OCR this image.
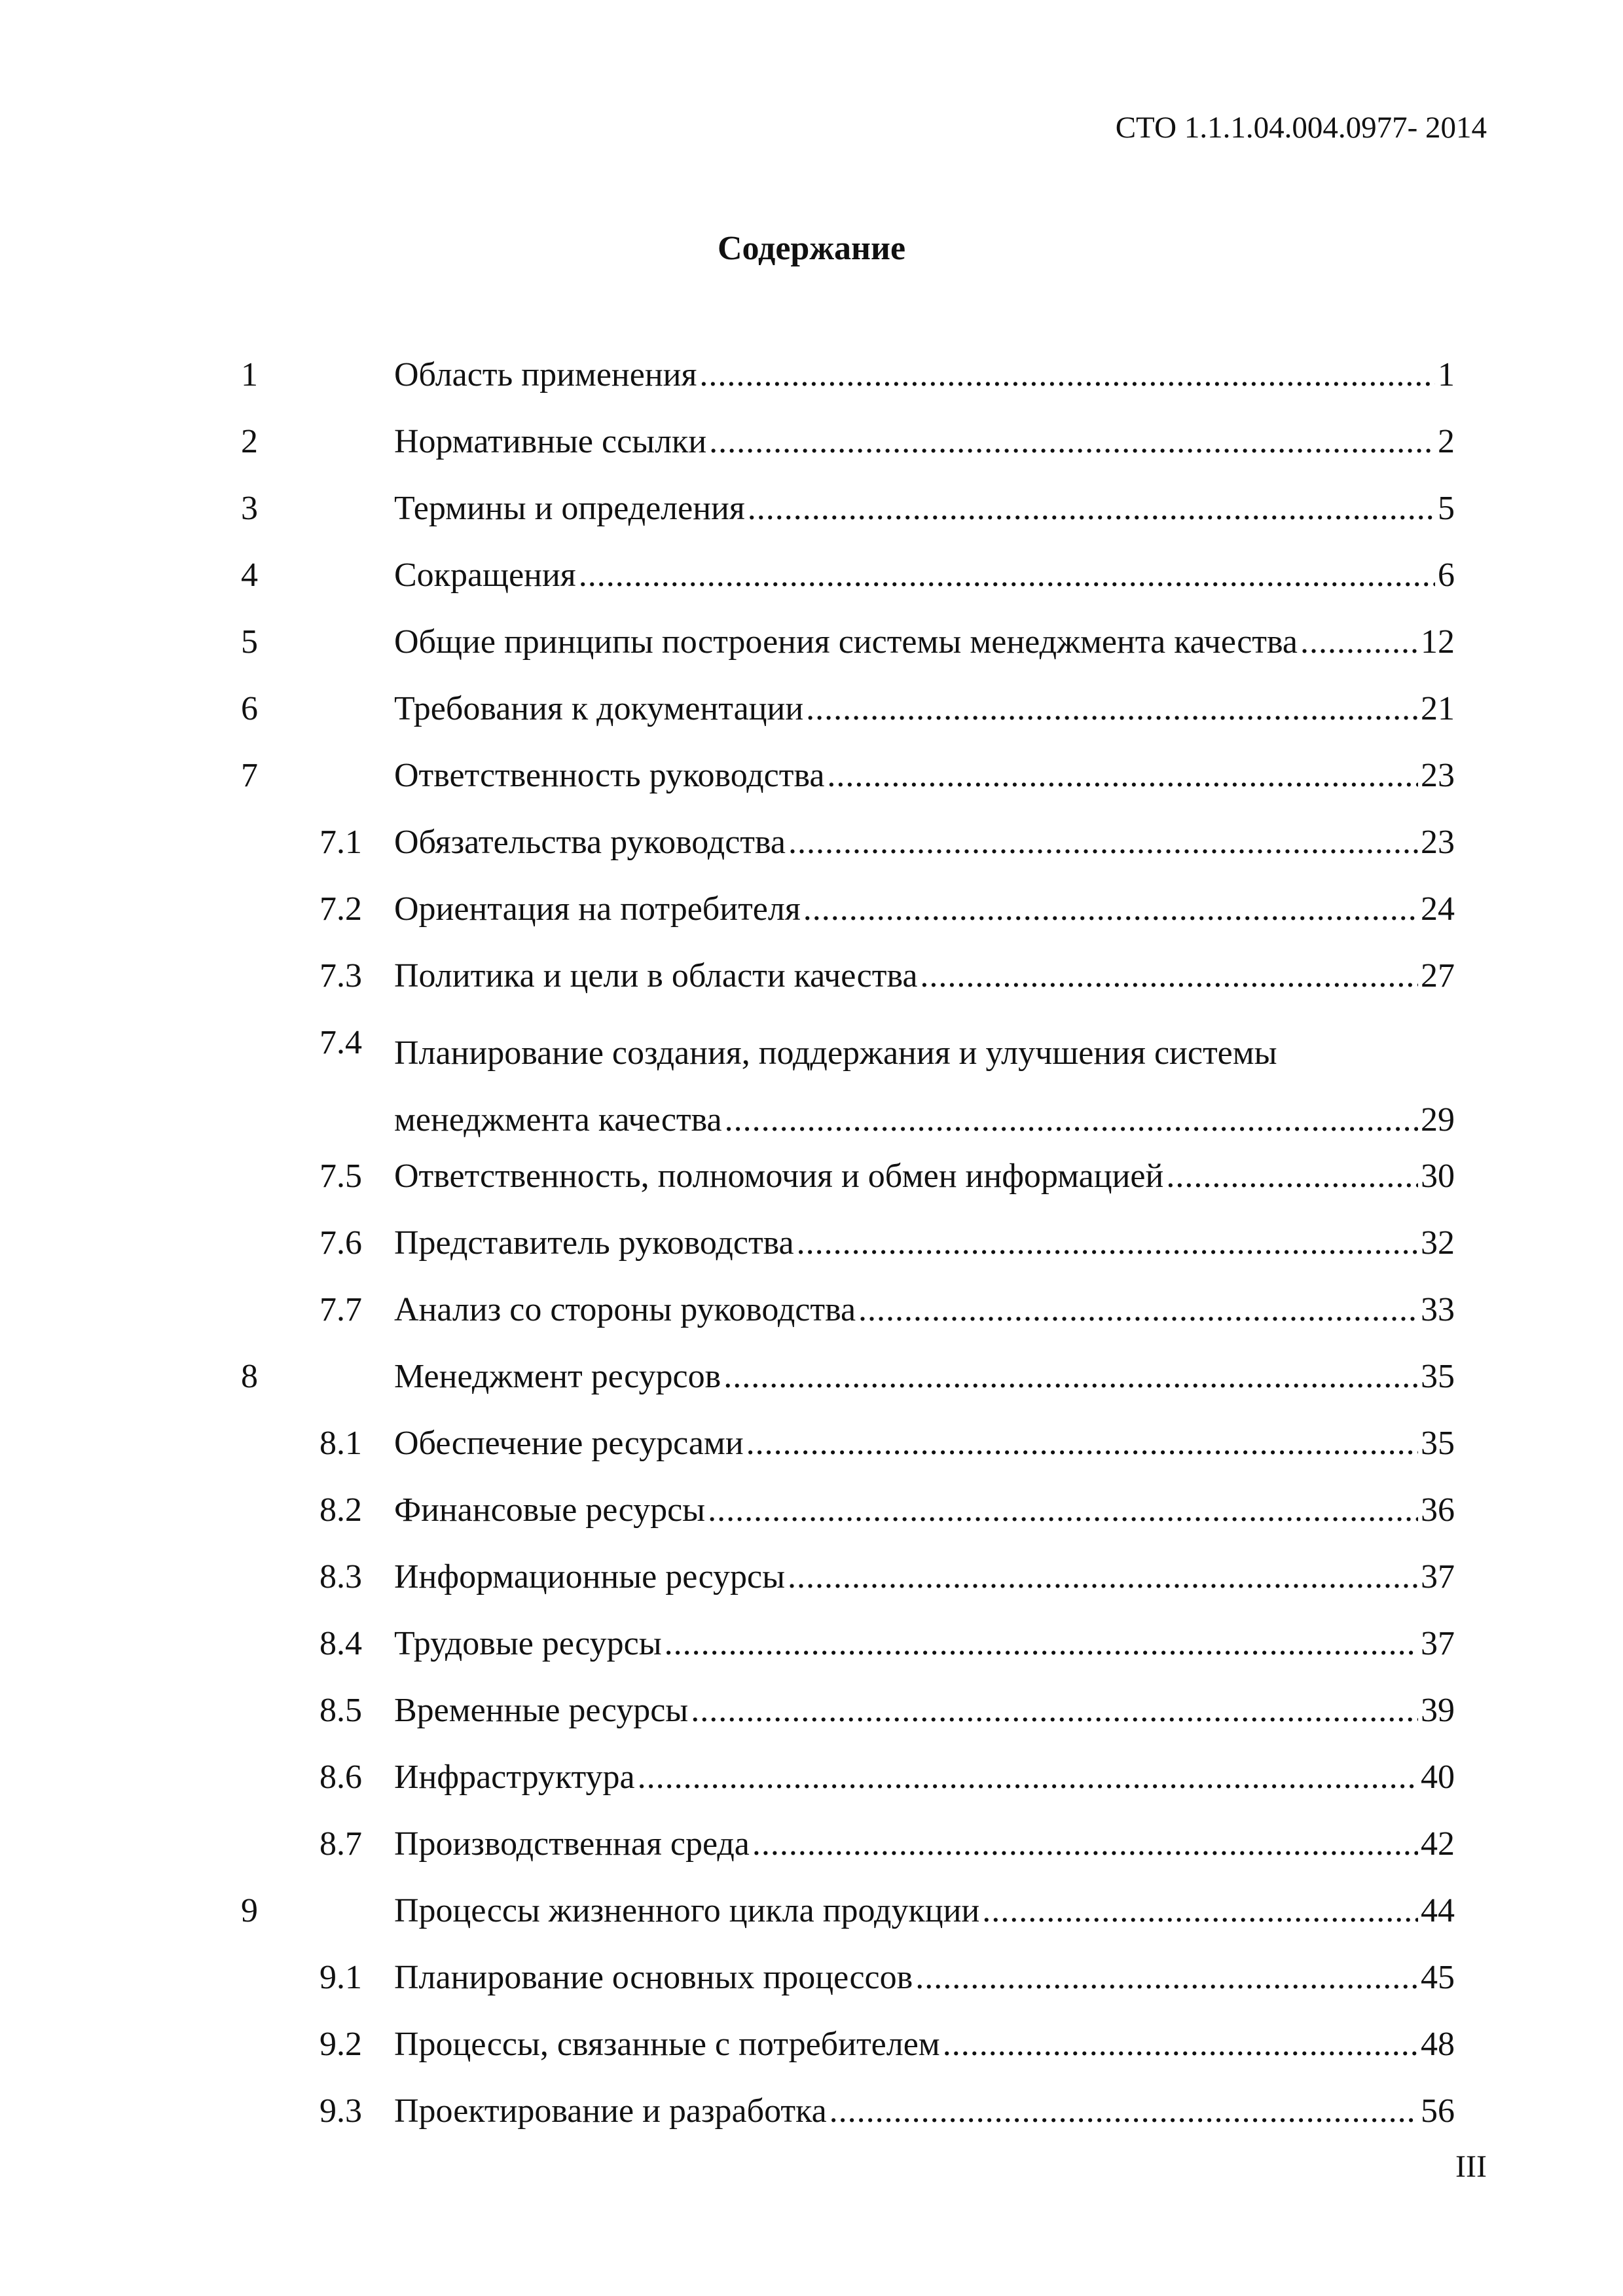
СТО 1.1.1.04.004.0977- 2014
Содержание
1	Область применения .....	1
2	Нормативные ссылки .....	2
3	Термины и определения .....	5
4	Сокращения .....	6
5	Общие принципы построения системы менеджмента качества .....	12
6	Требования к документации .....	21
7	Ответственность руководства .....	23
7.1 Обязательства руководства .....	23
7.2 Ориентация на потребителя .....	24
7.3 Политика и цели в области качества .....	27
7.4 Планирование создания, поддержания и улучшения системы
менеджмента качества .....	29
7.5 Ответственность, полномочия и обмен информацией .....	30
7.6 Представитель руководства .....	32
7.7 Анализ со стороны руководства .....	33
8	Менеджмент ресурсов .....	35
8.1 Обеспечение ресурсами .....	35
8.2 Финансовые ресурсы .....	36
8.3 Информационные ресурсы .....	37
8.4 Трудовые ресурсы .....	37
8.5 Временные ресурсы .....	39
8.6 Инфраструктура .....	40
8.7 Производственная среда .....	42
9	Процессы жизненного цикла продукции .....	44
9.1 Планирование основных процессов .....	45
9.2 Процессы, связанные с потребителем .....	48
9.3 Проектирование и разработка .....	56
III
